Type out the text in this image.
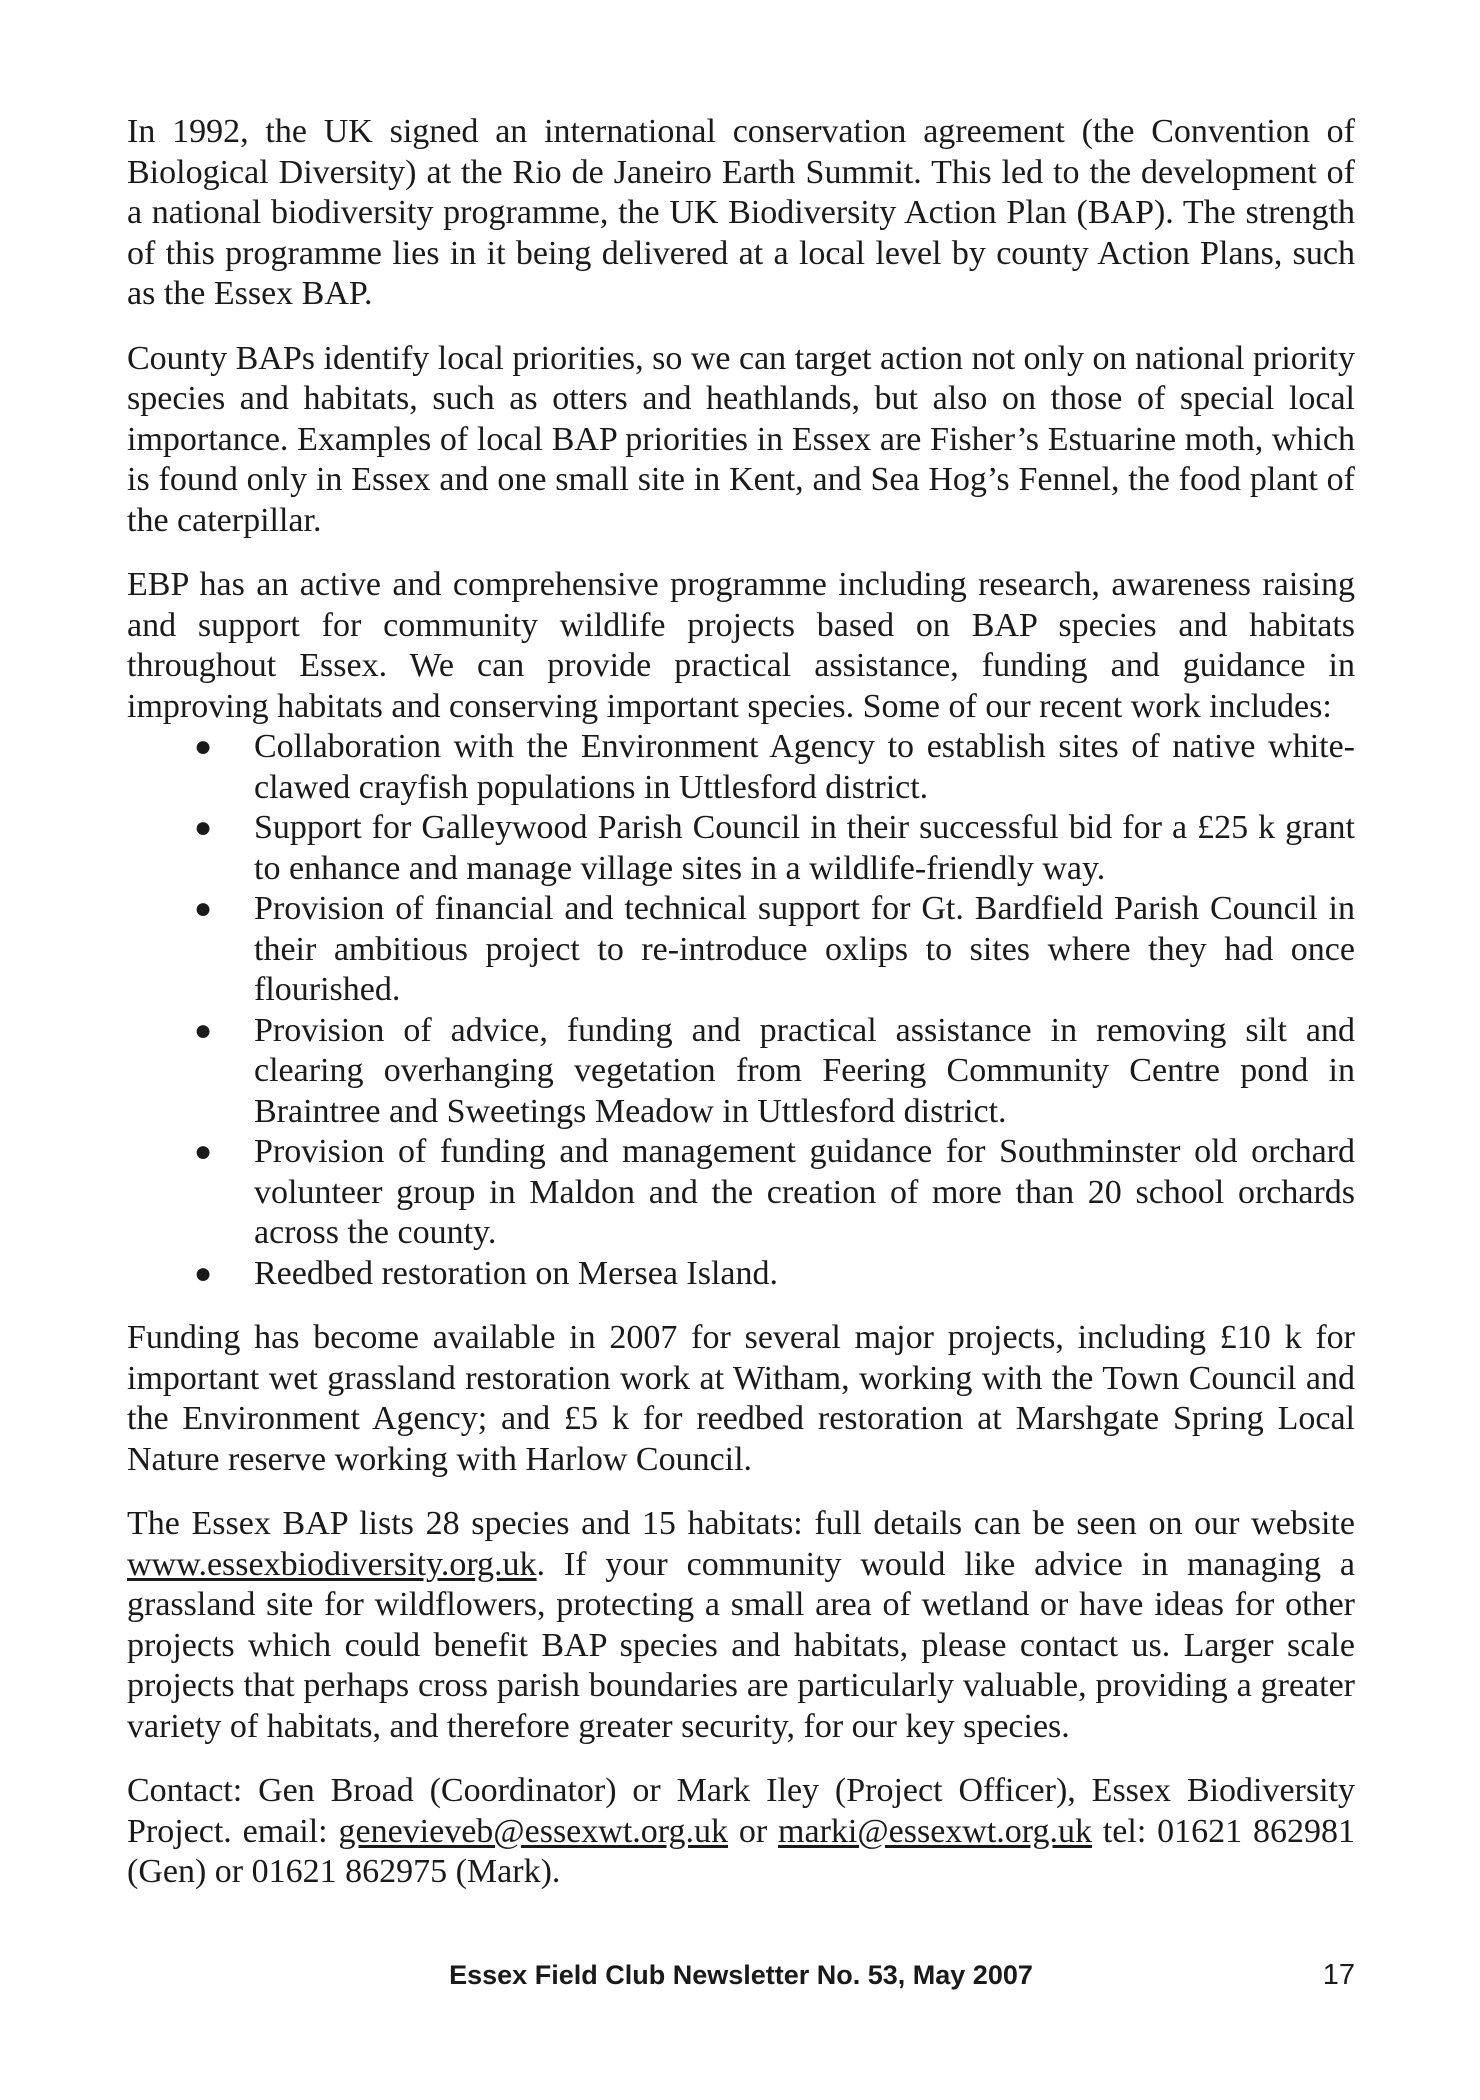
In 1992, the UK signed an international conservation agreement (the Convention of Biological Diversity) at the Rio de Janeiro Earth Summit. This led to the development of a national biodiversity programme, the UK Biodiversity Action Plan (BAP). The strength of this programme lies in it being delivered at a local level by county Action Plans, such as the Essex BAP.

County BAPs identify local priorities, so we can target action not only on national priority species and habitats, such as otters and heathlands, but also on those of special local importance. Examples of local BAP priorities in Essex are Fisher’s Estuarine moth, which is found only in Essex and one small site in Kent, and Sea Hog’s Fennel, the food plant of the caterpillar.

EBP has an active and comprehensive programme including research, awareness raising and support for community wildlife projects based on BAP species and habitats throughout Essex. We can provide practical assistance, funding and guidance in improving habitats and conserving important species. Some of our recent work includes:

● Collaboration with the Environment Agency to establish sites of native white-clawed crayfish populations in Uttlesford district.
● Support for Galleywood Parish Council in their successful bid for a £25 k grant to enhance and manage village sites in a wildlife-friendly way.
● Provision of financial and technical support for Gt. Bardfield Parish Council in their ambitious project to re-introduce oxlips to sites where they had once flourished.
● Provision of advice, funding and practical assistance in removing silt and clearing overhanging vegetation from Feering Community Centre pond in Braintree and Sweetings Meadow in Uttlesford district.
● Provision of funding and management guidance for Southminster old orchard volunteer group in Maldon and the creation of more than 20 school orchards across the county.
● Reedbed restoration on Mersea Island.

Funding has become available in 2007 for several major projects, including £10 k for important wet grassland restoration work at Witham, working with the Town Council and the Environment Agency; and £5 k for reedbed restoration at Marshgate Spring Local Nature reserve working with Harlow Council.

The Essex BAP lists 28 species and 15 habitats: full details can be seen on our website www.essexbiodiversity.org.uk. If your community would like advice in managing a grassland site for wildflowers, protecting a small area of wetland or have ideas for other projects which could benefit BAP species and habitats, please contact us. Larger scale projects that perhaps cross parish boundaries are particularly valuable, providing a greater variety of habitats, and therefore greater security, for our key species.

Contact: Gen Broad (Coordinator) or Mark Iley (Project Officer), Essex Biodiversity Project. email: genevieveb@essexwt.org.uk or marki@essexwt.org.uk tel: 01621 862981 (Gen) or 01621 862975 (Mark).

Essex Field Club Newsletter No. 53, May 2007	17
